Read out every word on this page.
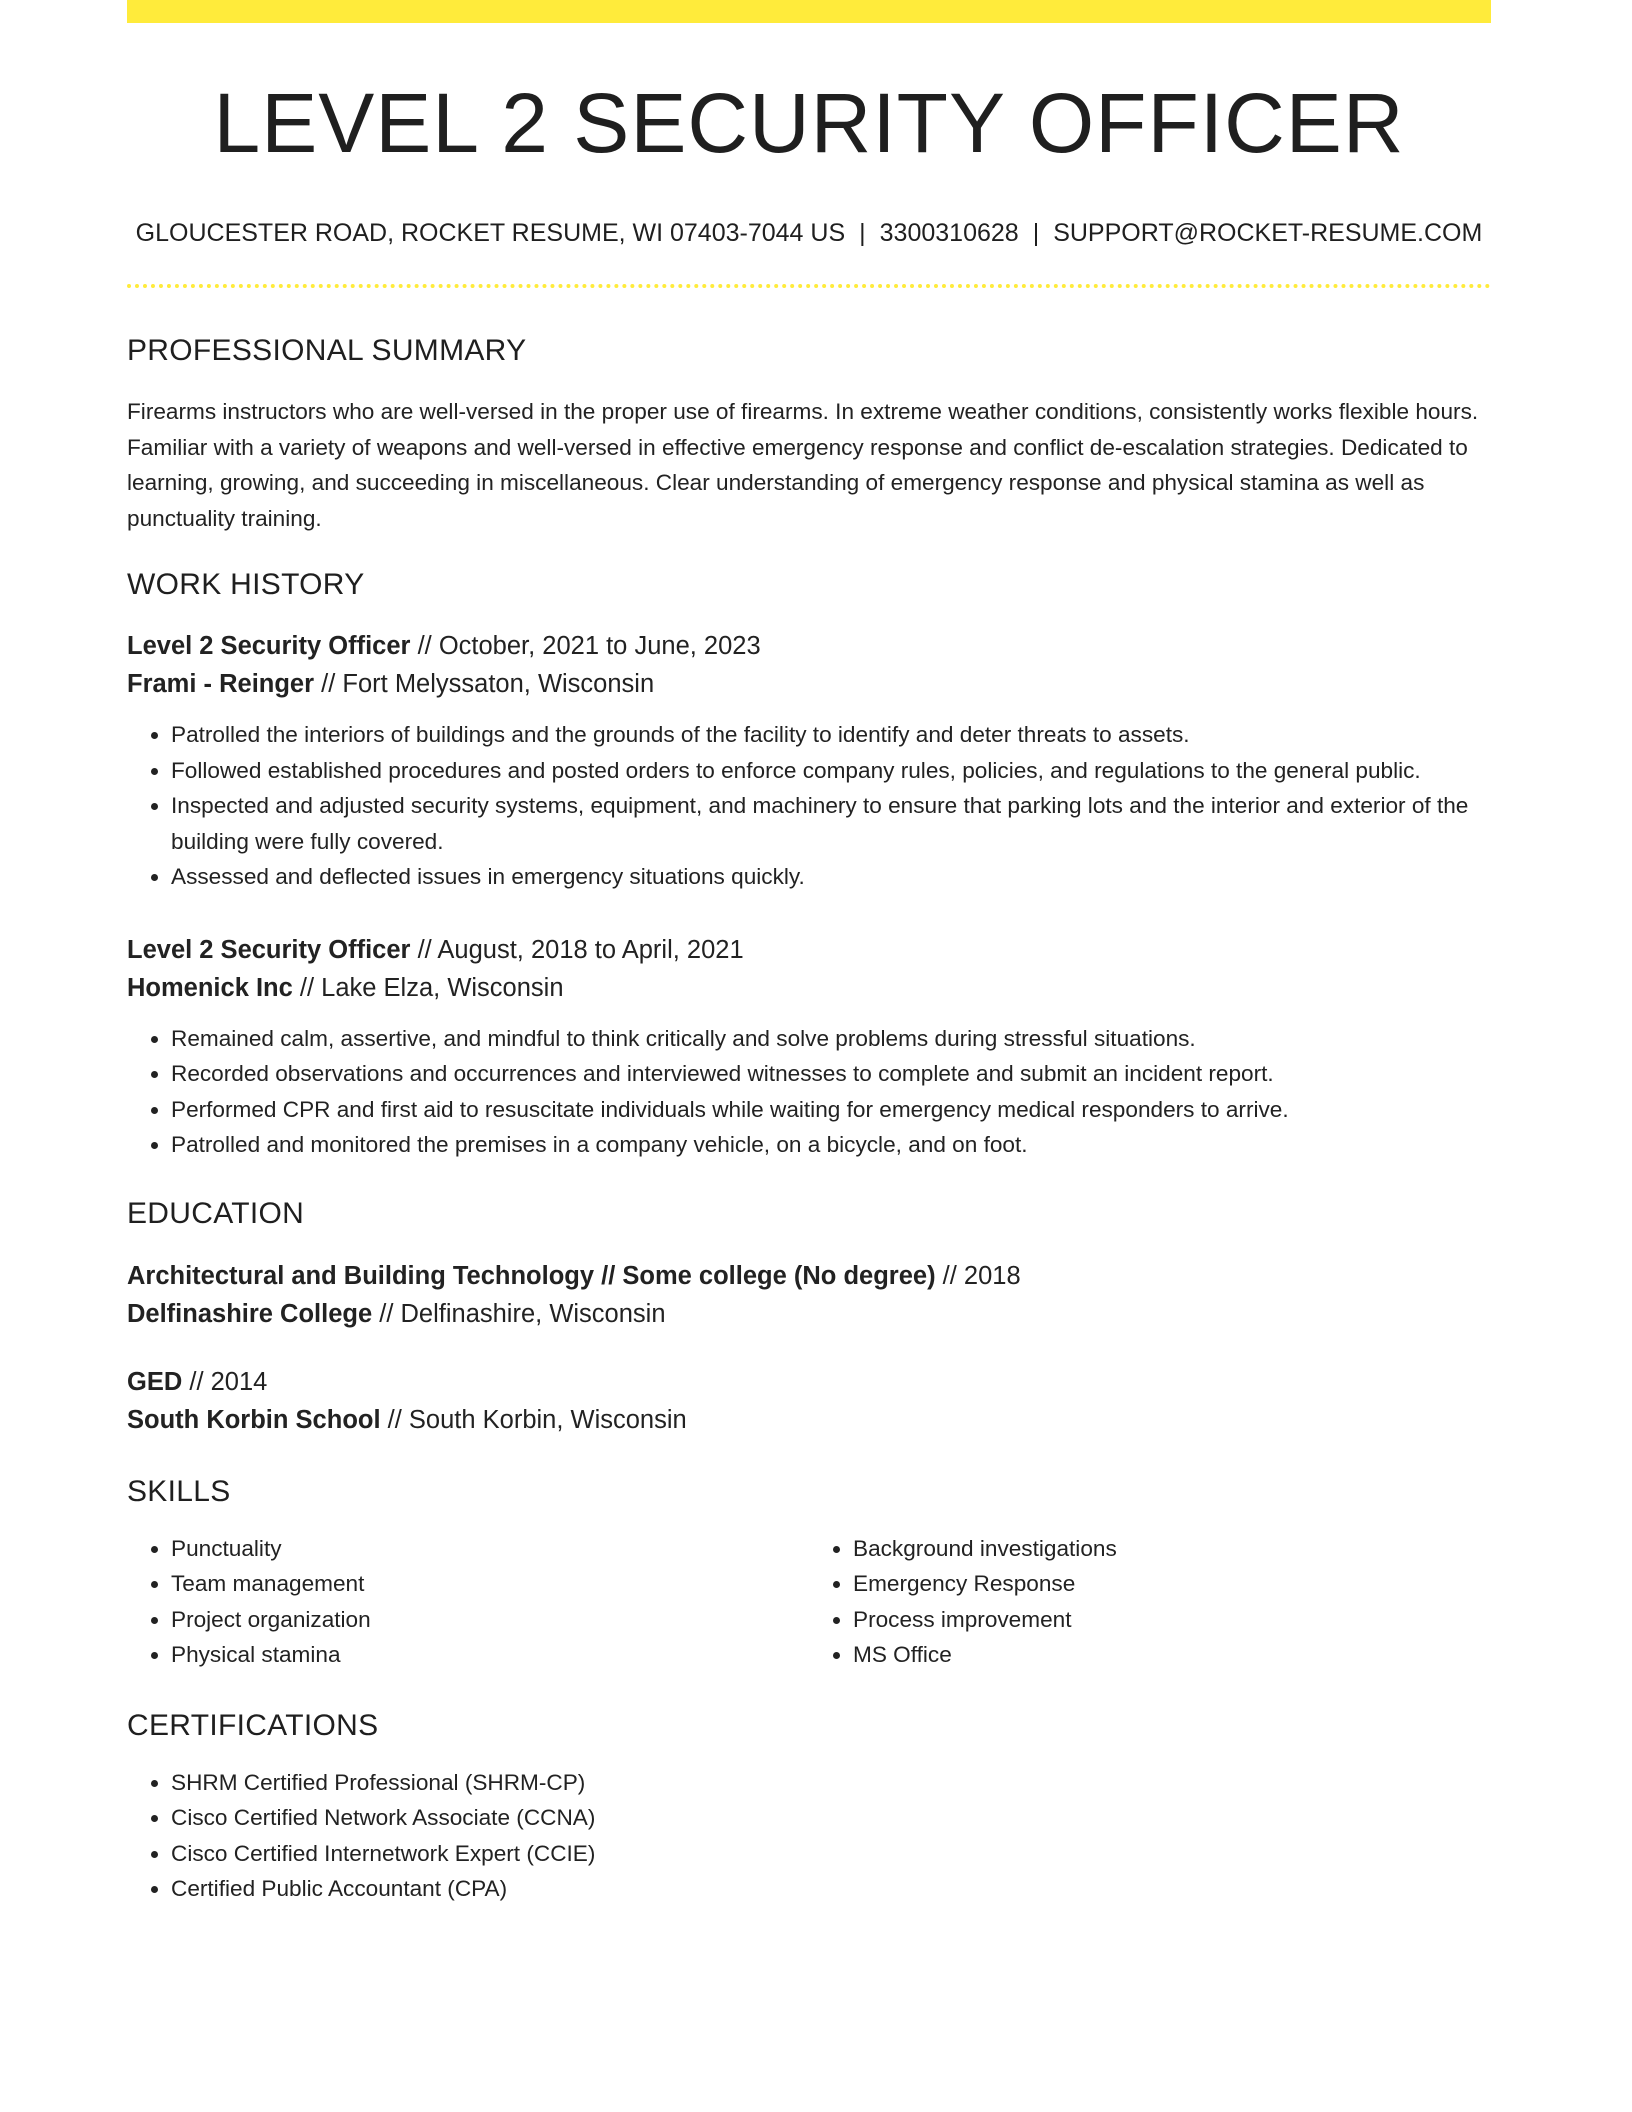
LEVEL 2 SECURITY OFFICER
GLOUCESTER ROAD, ROCKET RESUME, WI 07403-7044 US | 3300310628 | SUPPORT@ROCKET-RESUME.COM
PROFESSIONAL SUMMARY
Firearms instructors who are well-versed in the proper use of firearms. In extreme weather conditions, consistently works flexible hours. Familiar with a variety of weapons and well-versed in effective emergency response and conflict de-escalation strategies. Dedicated to learning, growing, and succeeding in miscellaneous. Clear understanding of emergency response and physical stamina as well as punctuality training.
WORK HISTORY
Level 2 Security Officer // October, 2021 to June, 2023
Frami - Reinger // Fort Melyssaton, Wisconsin
• Patrolled the interiors of buildings and the grounds of the facility to identify and deter threats to assets.
• Followed established procedures and posted orders to enforce company rules, policies, and regulations to the general public.
• Inspected and adjusted security systems, equipment, and machinery to ensure that parking lots and the interior and exterior of the building were fully covered.
• Assessed and deflected issues in emergency situations quickly.
Level 2 Security Officer // August, 2018 to April, 2021
Homenick Inc // Lake Elza, Wisconsin
• Remained calm, assertive, and mindful to think critically and solve problems during stressful situations.
• Recorded observations and occurrences and interviewed witnesses to complete and submit an incident report.
• Performed CPR and first aid to resuscitate individuals while waiting for emergency medical responders to arrive.
• Patrolled and monitored the premises in a company vehicle, on a bicycle, and on foot.
EDUCATION
Architectural and Building Technology // Some college (No degree) // 2018
Delfinashire College // Delfinashire, Wisconsin
GED // 2014
South Korbin School // South Korbin, Wisconsin
SKILLS
• Punctuality
• Team management
• Project organization
• Physical stamina
• Background investigations
• Emergency Response
• Process improvement
• MS Office
CERTIFICATIONS
• SHRM Certified Professional (SHRM-CP)
• Cisco Certified Network Associate (CCNA)
• Cisco Certified Internetwork Expert (CCIE)
• Certified Public Accountant (CPA)
